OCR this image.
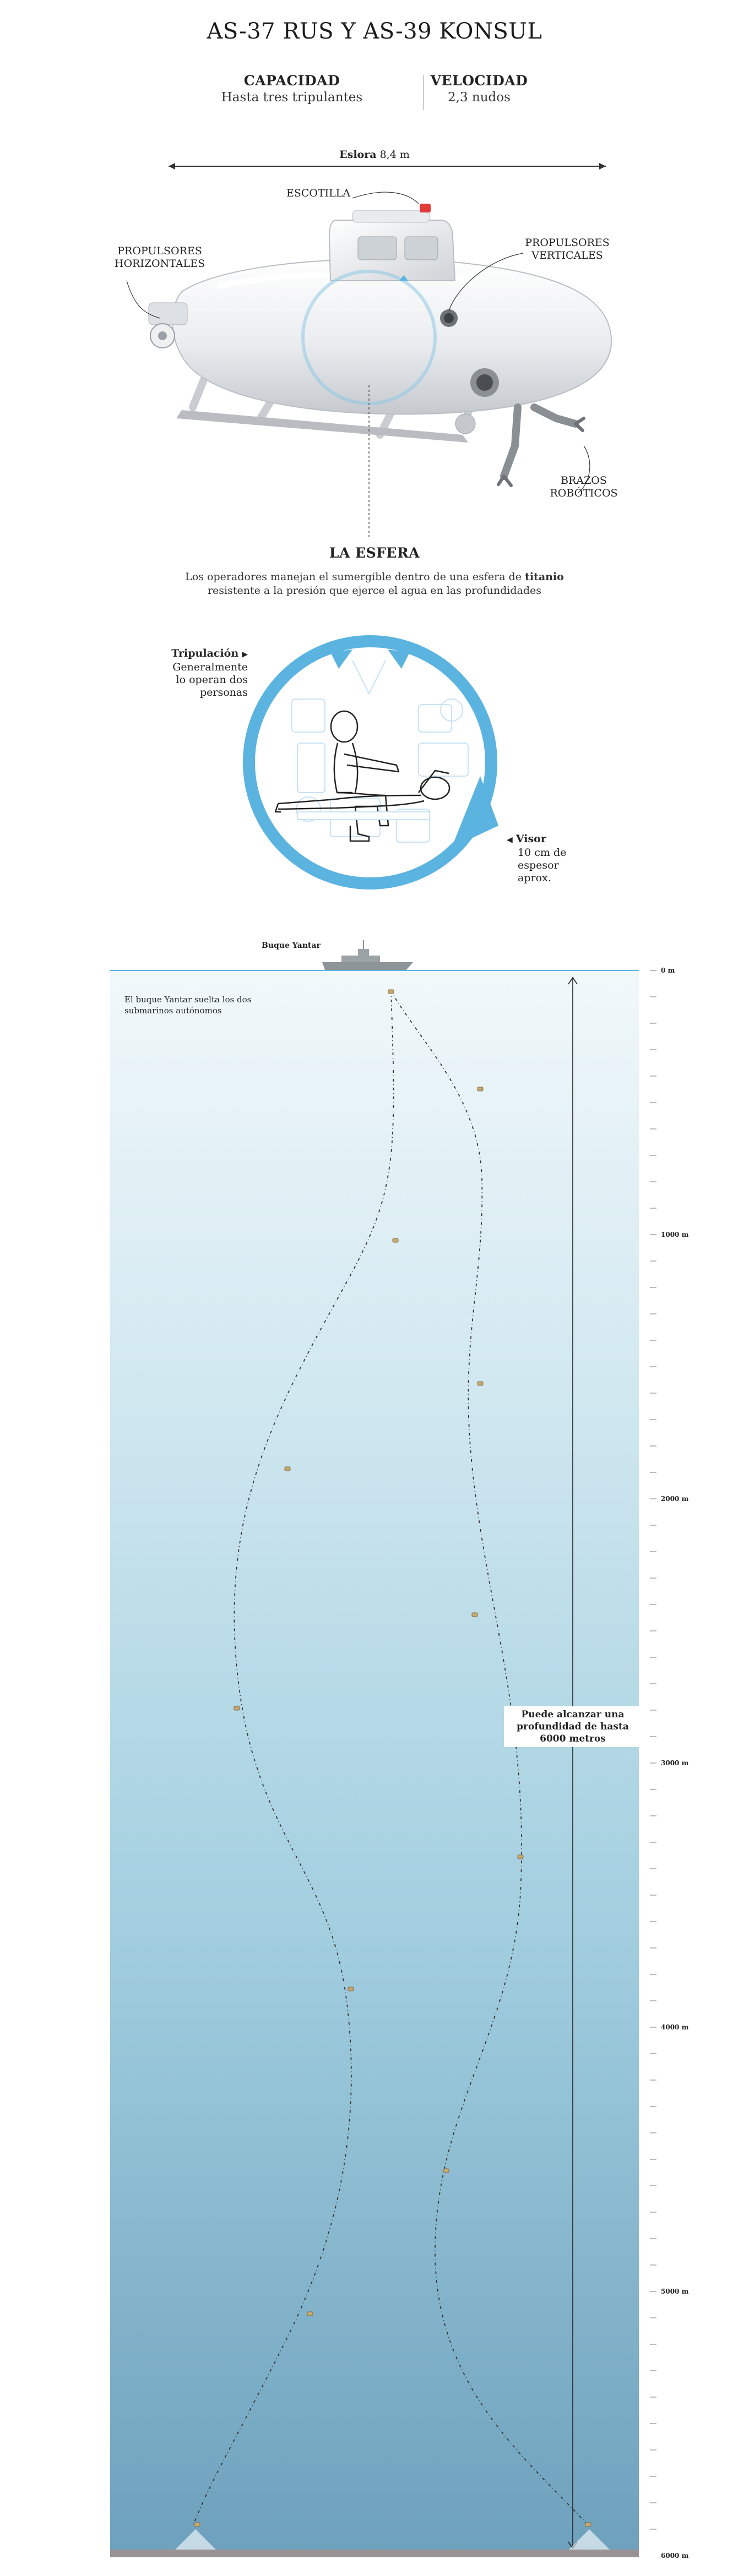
AS-37 RUS Y AS-39 KONSUL
CAPACIDAD
Hasta tres tripulantes
VELOCIDAD
2,3 nudos
Eslora 8,4 m
ESCOTILLA
PROPULSORES
HORIZONTALES
PROPULSORES
VERTICALES
BRAZOS
ROBÓTICOS
LA ESFERA
Los operadores manejan el sumergible dentro de una esfera de titanio
resistente a la presión que ejerce el agua en las profundidades
Tripulación ▶
Generalmente
lo operan dos
personas
◀ Visor
10 cm de
espesor
aprox.
Buque Yantar
El buque Yantar suelta los dos
submarinos autónomos
Puede alcanzar una
profundidad de hasta
6000 metros
0 m
1000 m
2000 m
3000 m
4000 m
5000 m
6000 m
